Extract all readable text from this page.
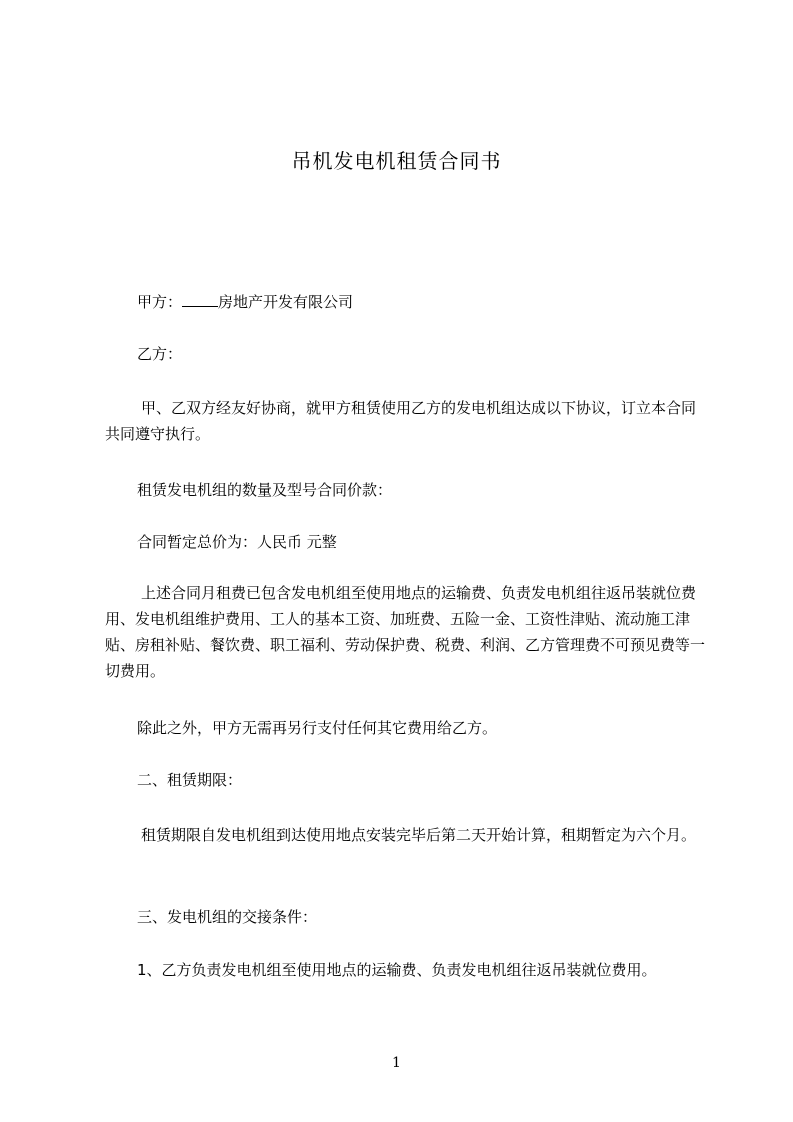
吊机发电机租赁合同书

甲方： 房地产开发有限公司

乙方：

甲、乙双方经友好协商，就甲方租赁使用乙方的发电机组达成以下协议，订立本合同共同遵守执行。

租赁发电机组的数量及型号合同价款：

合同暂定总价为：人民币 元整

上述合同月租费已包含发电机组至使用地点的运输费、负责发电机组往返吊装就位费用、发电机组维护费用、工人的基本工资、加班费、五险一金、工资性津贴、流动施工津贴、房租补贴、餐饮费、职工福利、劳动保护费、税费、利润、乙方管理费不可预见费等一切费用。

除此之外，甲方无需再另行支付任何其它费用给乙方。

二、租赁期限：

租赁期限自发电机组到达使用地点安装完毕后第二天开始计算，租期暂定为六个月。

三、发电机组的交接条件：

1、乙方负责发电机组至使用地点的运输费、负责发电机组往返吊装就位费用。

1
